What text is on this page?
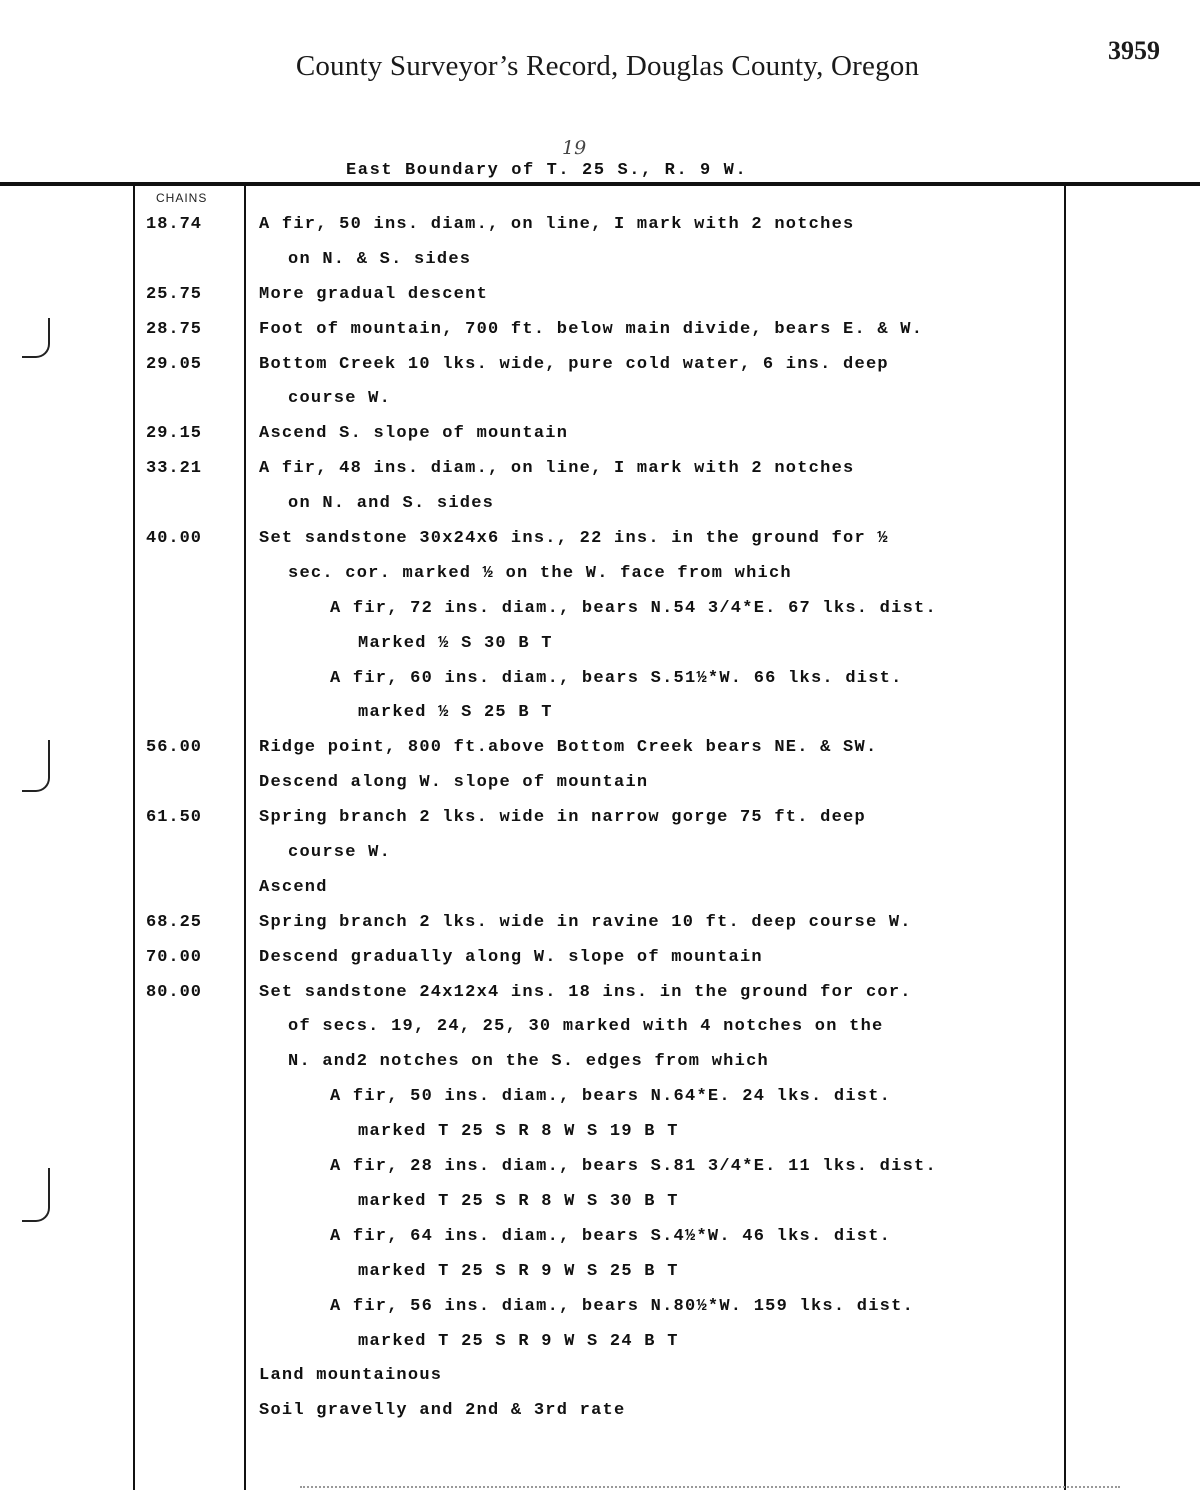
County Surveyor’s Record, Douglas County, Oregon	3959
19
East Boundary of T. 25 S., R. 9 W.
CHAINS
18.74	A fir, 50 ins. diam., on line, I mark with 2 notches
on N. & S. sides
25.75	More gradual descent
28.75	Foot of mountain, 700 ft. below main divide, bears E. & W.
29.05	Bottom Creek 10 lks. wide, pure cold water, 6 ins. deep
course W.
29.15	Ascend S. slope of mountain
33.21	A fir, 48 ins. diam., on line, I mark with 2 notches
on N. and S. sides
40.00	Set sandstone 30x24x6 ins., 22 ins. in the ground for ½
sec. cor. marked ½ on the W. face from which
A fir, 72 ins. diam., bears N.54 3/4*E. 67 lks. dist.
Marked ½ S 30 B T
A fir, 60 ins. diam., bears S.51½*W. 66 lks. dist.
marked ½ S 25 B T
56.00	Ridge point, 800 ft.above Bottom Creek bears NE. & SW.
Descend along W. slope of mountain
61.50	Spring branch 2 lks. wide in narrow gorge 75 ft. deep
course W.
Ascend
68.25	Spring branch 2 lks. wide in ravine 10 ft. deep course W.
70.00	Descend gradually along W. slope of mountain
80.00	Set sandstone 24x12x4 ins. 18 ins. in the ground for cor.
of secs. 19, 24, 25, 30 marked with 4 notches on the
N. and2 notches on the S. edges from which
A fir, 50 ins. diam., bears N.64*E. 24 lks. dist.
marked T 25 S R 8 W S 19 B T
A fir, 28 ins. diam., bears S.81 3/4*E. 11 lks. dist.
marked T 25 S R 8 W S 30 B T
A fir, 64 ins. diam., bears S.4½*W. 46 lks. dist.
marked T 25 S R 9 W S 25 B T
A fir, 56 ins. diam., bears N.80½*W. 159 lks. dist.
marked T 25 S R 9 W S 24 B T
Land mountainous
Soil gravelly and 2nd & 3rd rate
